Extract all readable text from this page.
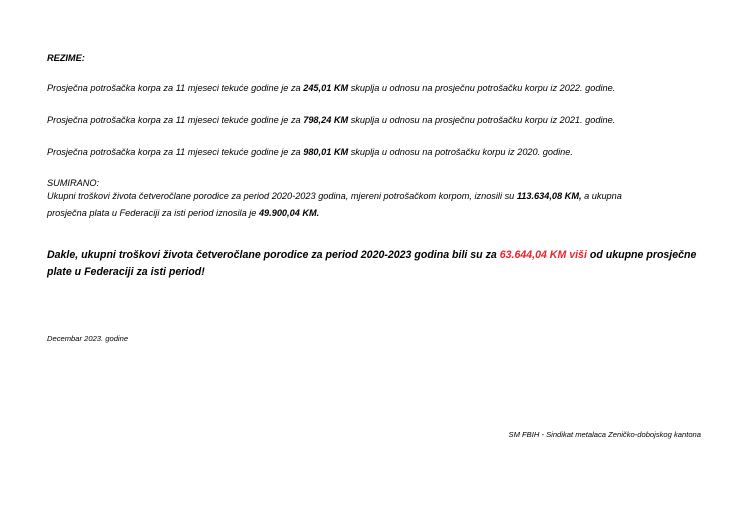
REZIME:
Prosječna potrošačka korpa za 11 mjeseci tekuće godine je za 245,01 KM skuplja u odnosu na prosječnu potrošačku korpu iz 2022. godine.
Prosječna potrošačka korpa za 11 mjeseci tekuće godine je za 798,24 KM skuplja u odnosu na prosječnu potrošačku korpu iz 2021. godine.
Prosječna potrošačka korpa za 11 mjeseci tekuće godine je za 980,01 KM skuplja u odnosu na potrošačku korpu iz 2020. godine.
SUMIRANO:
Ukupni troškovi života četveročlane porodice za period 2020-2023 godina, mjereni potrošačkom korpom, iznosili su 113.634,08 KM, a ukupna
prosječna plata u Federaciji za isti period iznosila je 49.900,04 KM.
Dakle, ukupni troškovi života četveročlane porodice za period 2020-2023 godina bili su za 63.644,04 KM viši od ukupne prosječne
plate u Federaciji za isti period!
Decembar 2023. godine
SM FBIH - Sindikat metalaca Zeničko-dobojskog kantona
